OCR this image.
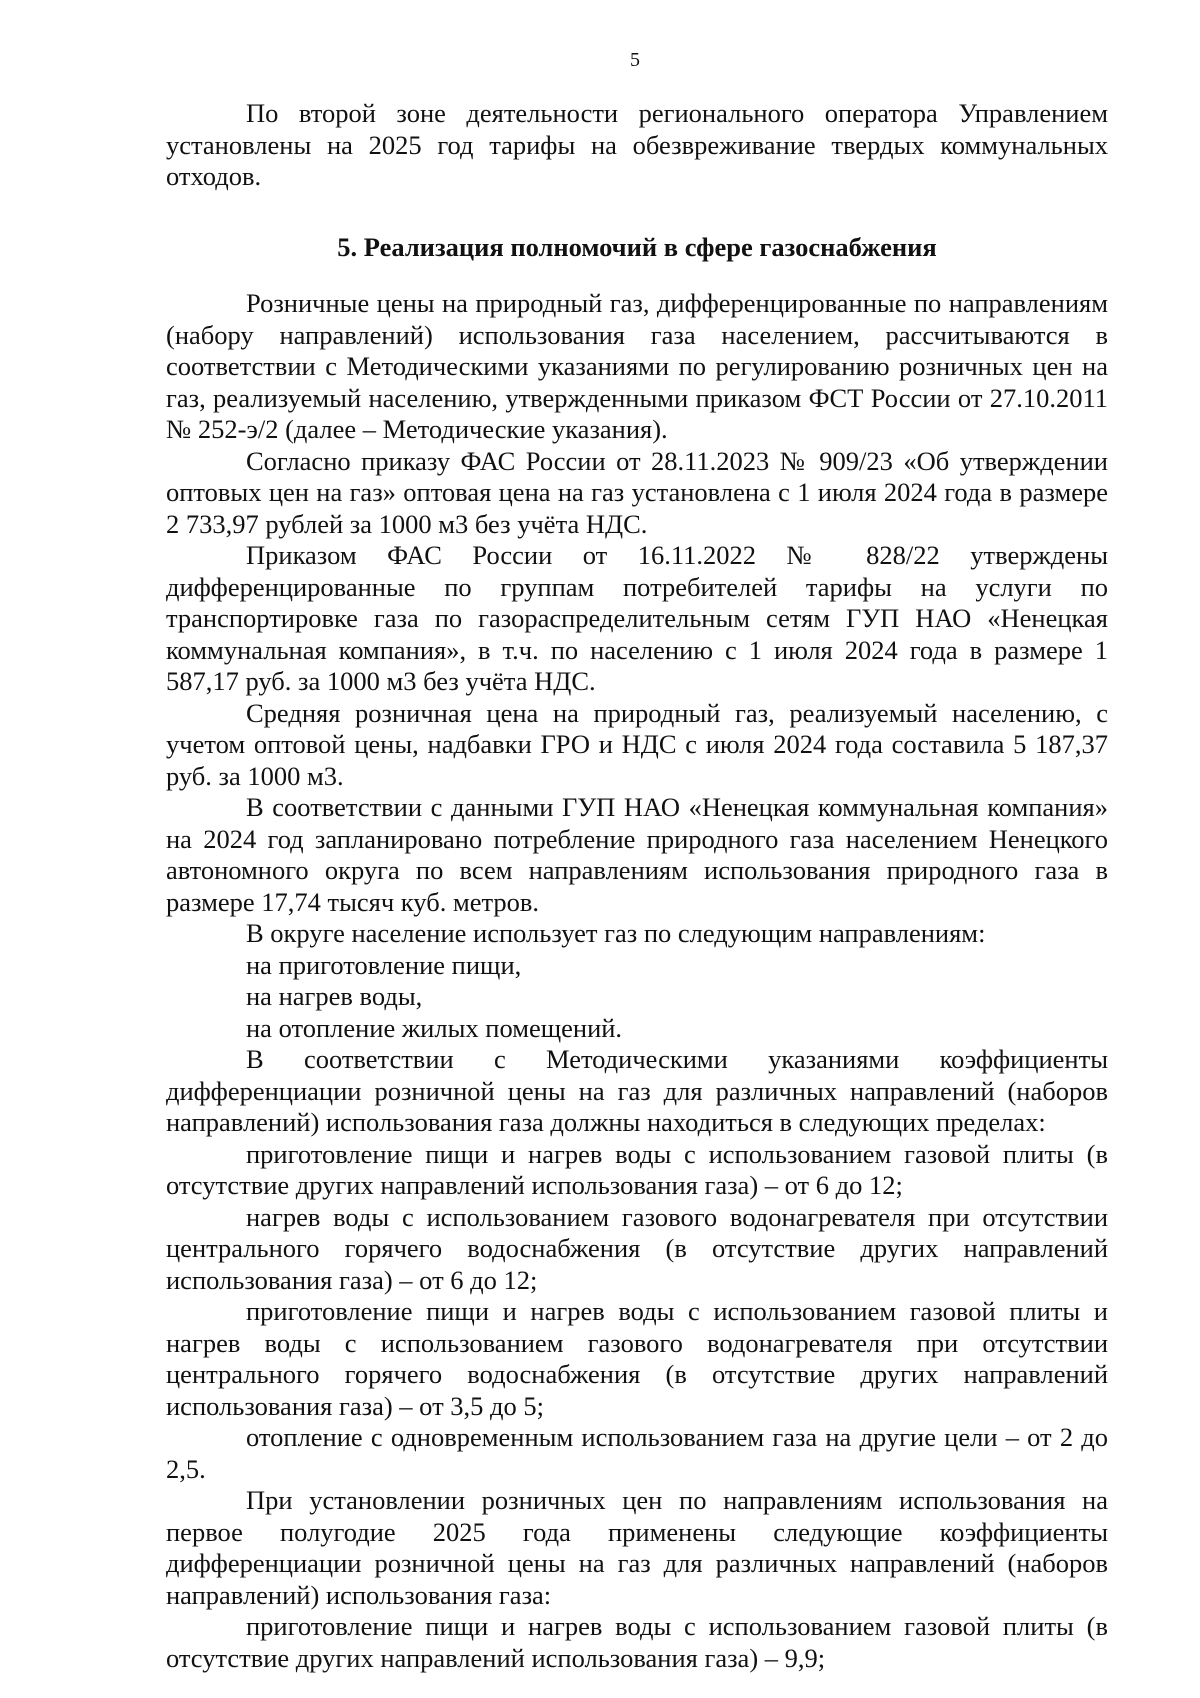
5

По второй зоне деятельности регионального оператора Управлением установлены на 2025 год тарифы на обезвреживание твердых коммунальных отходов.

5. Реализация полномочий в сфере газоснабжения

Розничные цены на природный газ, дифференцированные по направлениям (набору направлений) использования газа населением, рассчитываются в соответствии с Методическими указаниями по регулированию розничных цен на газ, реализуемый населению, утвержденными приказом ФСТ России от 27.10.2011 № 252-э/2 (далее – Методические указания).

Согласно приказу ФАС России от 28.11.2023 № 909/23 «Об утверждении оптовых цен на газ» оптовая цена на газ установлена с 1 июля 2024 года в размере 2 733,97 рублей за 1000 м3 без учёта НДС.

Приказом ФАС России от 16.11.2022 № 828/22 утверждены дифференцированные по группам потребителей тарифы на услуги по транспортировке газа по газораспределительным сетям ГУП НАО «Ненецкая коммунальная компания», в т.ч. по населению с 1 июля 2024 года в размере 1 587,17 руб. за 1000 м3 без учёта НДС.

Средняя розничная цена на природный газ, реализуемый населению, с учетом оптовой цены, надбавки ГРО и НДС с июля 2024 года составила 5 187,37 руб. за 1000 м3.

В соответствии с данными ГУП НАО «Ненецкая коммунальная компания» на 2024 год запланировано потребление природного газа населением Ненецкого автономного округа по всем направлениям использования природного газа в размере 17,74 тысяч куб. метров.

В округе население использует газ по следующим направлениям:

на приготовление пищи,

на нагрев воды,

на отопление жилых помещений.

В соответствии с Методическими указаниями коэффициенты дифференциации розничной цены на газ для различных направлений (наборов направлений) использования газа должны находиться в следующих пределах:

приготовление пищи и нагрев воды с использованием газовой плиты (в отсутствие других направлений использования газа) – от 6 до 12;

нагрев воды с использованием газового водонагревателя при отсутствии центрального горячего водоснабжения (в отсутствие других направлений использования газа) – от 6 до 12;

приготовление пищи и нагрев воды с использованием газовой плиты и нагрев воды с использованием газового водонагревателя при отсутствии центрального горячего водоснабжения (в отсутствие других направлений использования газа) – от 3,5 до 5;

отопление с одновременным использованием газа на другие цели – от 2 до 2,5.

При установлении розничных цен по направлениям использования на первое полугодие 2025 года применены следующие коэффициенты дифференциации розничной цены на газ для различных направлений (наборов направлений) использования газа:

приготовление пищи и нагрев воды с использованием газовой плиты (в отсутствие других направлений использования газа) – 9,9;
